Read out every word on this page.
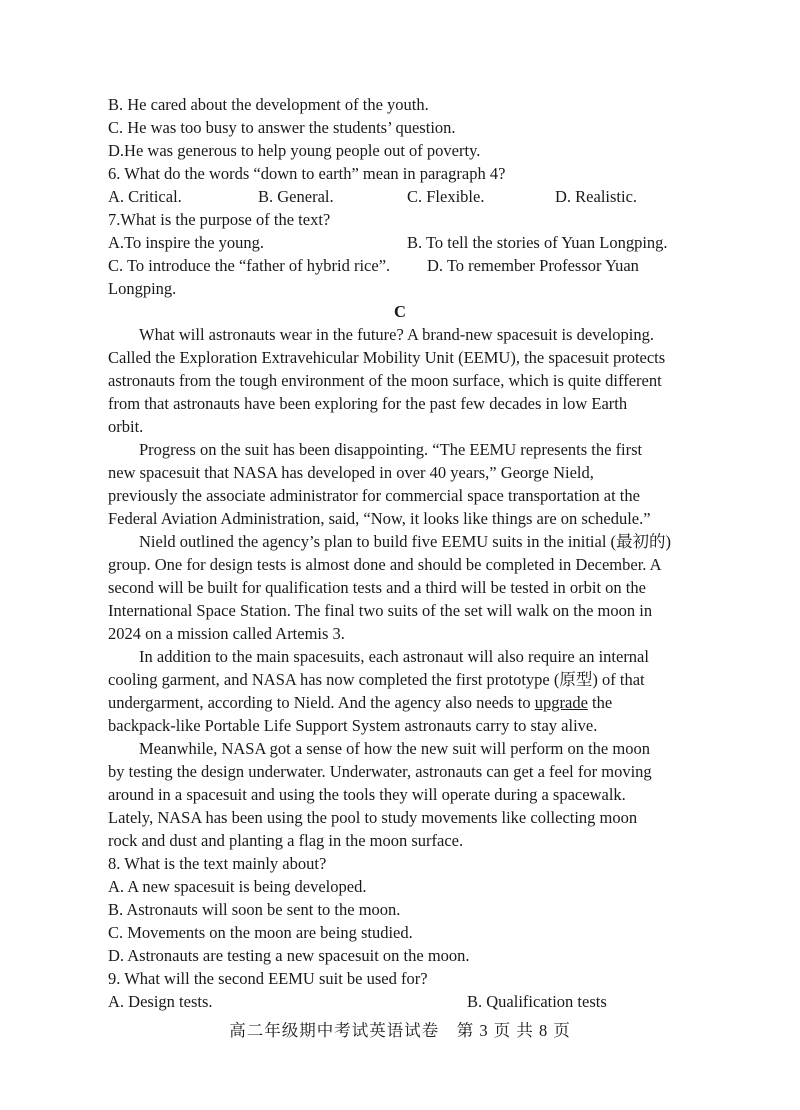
B. He cared about the development of the youth.
C. He was too busy to answer the students’ question.
D.He was generous to help young people out of poverty.
6. What do the words “down to earth” mean in paragraph 4?
A. Critical.	B. General.	C. Flexible.	D. Realistic.
7.What is the purpose of the text?
A.To inspire the young.	B. To tell the stories of Yuan Longping.
C. To introduce the “father of hybrid rice”. D. To remember Professor Yuan
Longping.
C
What will astronauts wear in the future? A brand-new spacesuit is developing.
Called the Exploration Extravehicular Mobility Unit (EEMU), the spacesuit protects
astronauts from the tough environment of the moon surface, which is quite different
from that astronauts have been exploring for the past few decades in low Earth
orbit.
Progress on the suit has been disappointing. “The EEMU represents the first
new spacesuit that NASA has developed in over 40 years,” George Nield,
previously the associate administrator for commercial space transportation at the
Federal Aviation Administration, said, “Now, it looks like things are on schedule.”
Nield outlined the agency’s plan to build five EEMU suits in the initial (最初的)
group. One for design tests is almost done and should be completed in December. A
second will be built for qualification tests and a third will be tested in orbit on the
International Space Station. The final two suits of the set will walk on the moon in
2024 on a mission called Artemis 3.
In addition to the main spacesuits, each astronaut will also require an internal
cooling garment, and NASA has now completed the first prototype (原型) of that
undergarment, according to Nield. And the agency also needs to upgrade the
backpack-like Portable Life Support System astronauts carry to stay alive.
Meanwhile, NASA got a sense of how the new suit will perform on the moon
by testing the design underwater. Underwater, astronauts can get a feel for moving
around in a spacesuit and using the tools they will operate during a spacewalk.
Lately, NASA has been using the pool to study movements like collecting moon
rock and dust and planting a flag in the moon surface.
8. What is the text mainly about?
A. A new spacesuit is being developed.
B. Astronauts will soon be sent to the moon.
C. Movements on the moon are being studied.
D. Astronauts are testing a new spacesuit on the moon.
9. What will the second EEMU suit be used for?
A. Design tests.	B. Qualification tests
高二年级期中考试英语试卷　第 3 页 共 8 页
